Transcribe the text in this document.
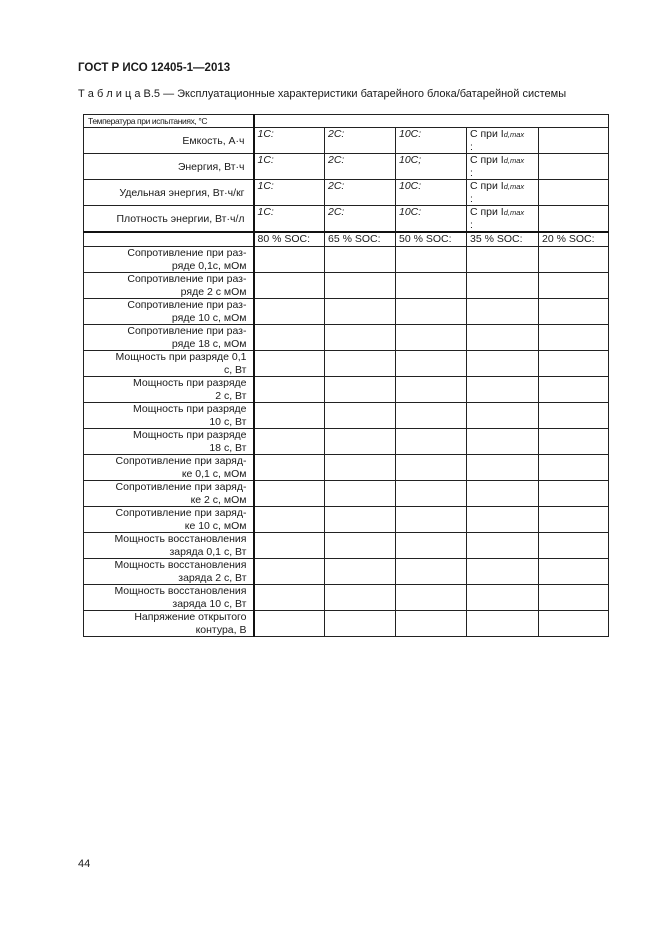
ГОСТ Р ИСО 12405-1—2013
Т а б л и ц а В.5 — Эксплуатационные характеристики батарейного блока/батарейной системы
Температура при испытаниях, °С					
Емкость, А·ч	1C:	2C:	10C:	C при Id,max
:	
Энергия, Вт·ч	1C:	2C:	10C;	C при Id,max
:	
Удельная энергия, Вт·ч/кг	1C:	2C:	10C:	C при Id,max
:	
Плотность энергии, Вт·ч/л	1C:	2C:	10C:	C при Id,max
:	
	80 % SOC:	65 % SOC:	50 % SOC:	35 % SOC:	20 % SOC:
Сопротивление при раз-
ряде 0,1с, мОм					
Сопротивление при раз-
ряде 2 с мОм					
Сопротивление при раз-
ряде 10 с, мОм					
Сопротивление при раз-
ряде 18 с, мОм					
Мощность при разряде 0,1
с, Вт					
Мощность при разряде
2 с, Вт					
Мощность при разряде
10 с, Вт					
Мощность при разряде
18 с, Вт					
Сопротивление при заряд-
ке 0,1 с, мОм					
Сопротивление при заряд-
ке 2 с, мОм					
Сопротивление при заряд-
ке 10 с, мОм					
Мощность восстановления
заряда 0,1 с, Вт					
Мощность восстановления
заряда 2 с, Вт					
Мощность восстановления
заряда 10 с, Вт					
Напряжение открытого
контура, В					
44
